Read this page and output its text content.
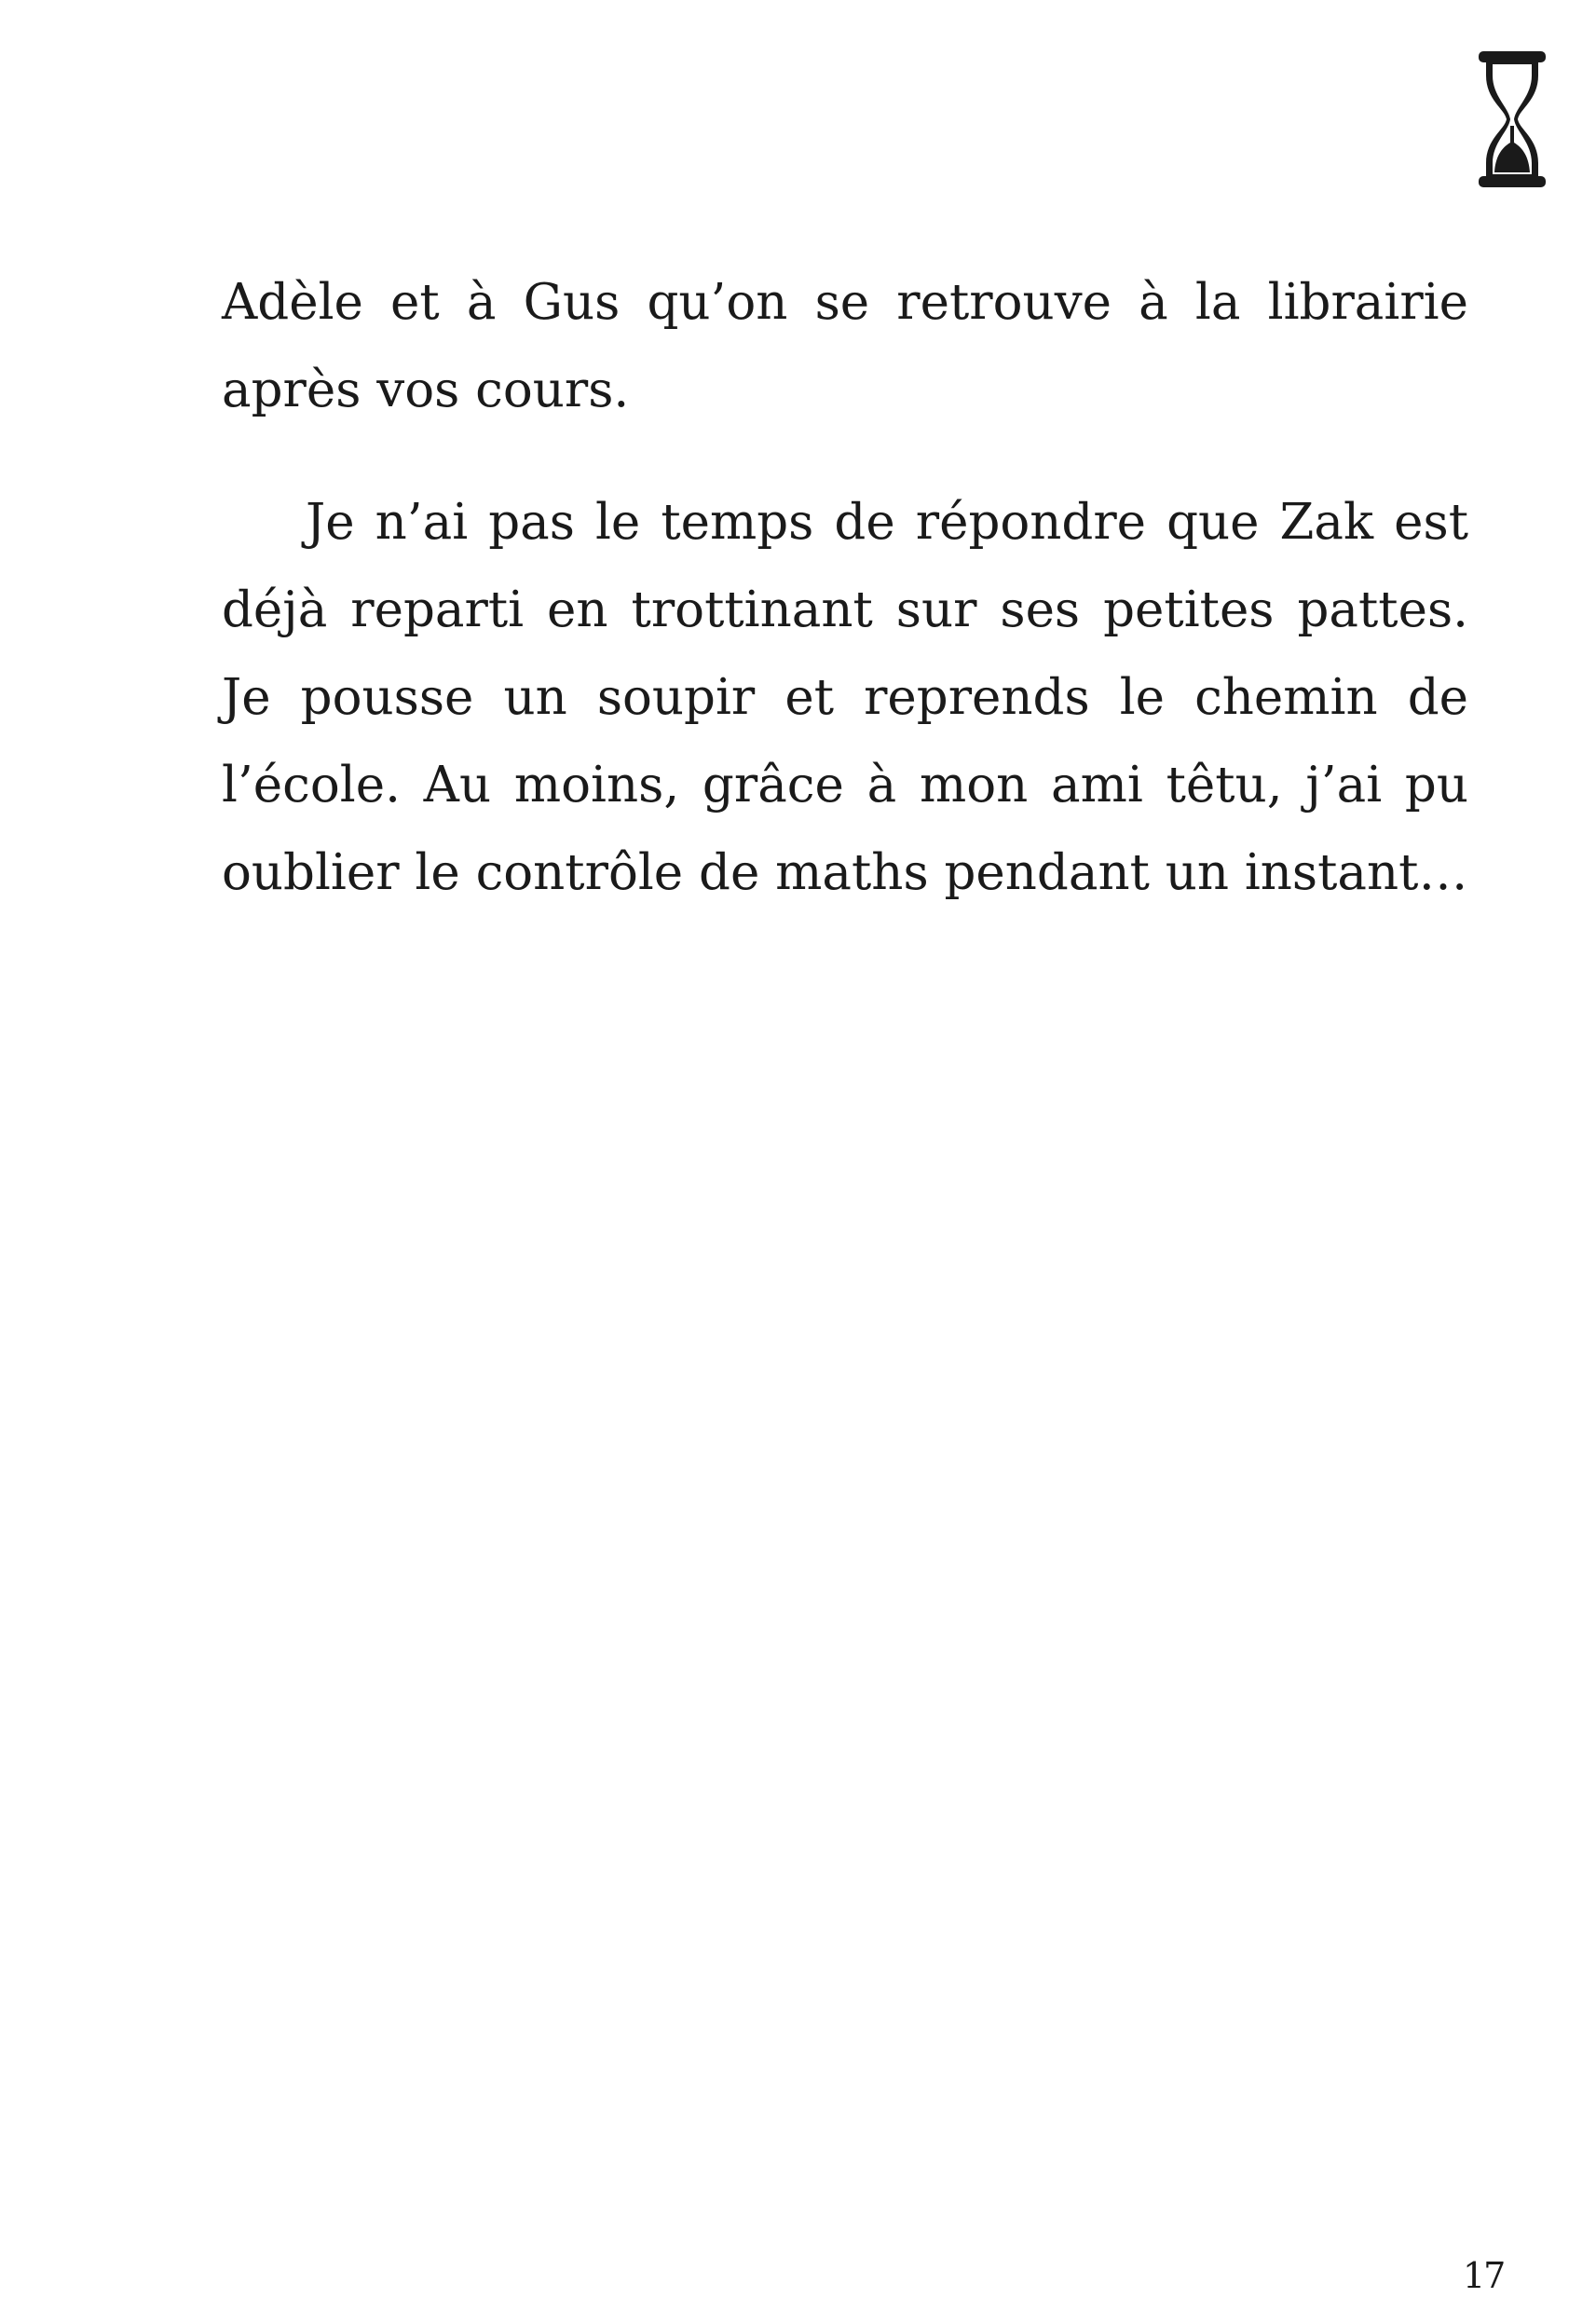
Adèle et à Gus qu’on se retrouve à la librairie après vos cours.

Je n’ai pas le temps de répondre que Zak est déjà reparti en trottinant sur ses petites pattes. Je pousse un soupir et reprends le chemin de l’école. Au moins, grâce à mon ami têtu, j’ai pu oublier le contrôle de maths pendant un instant…

17
